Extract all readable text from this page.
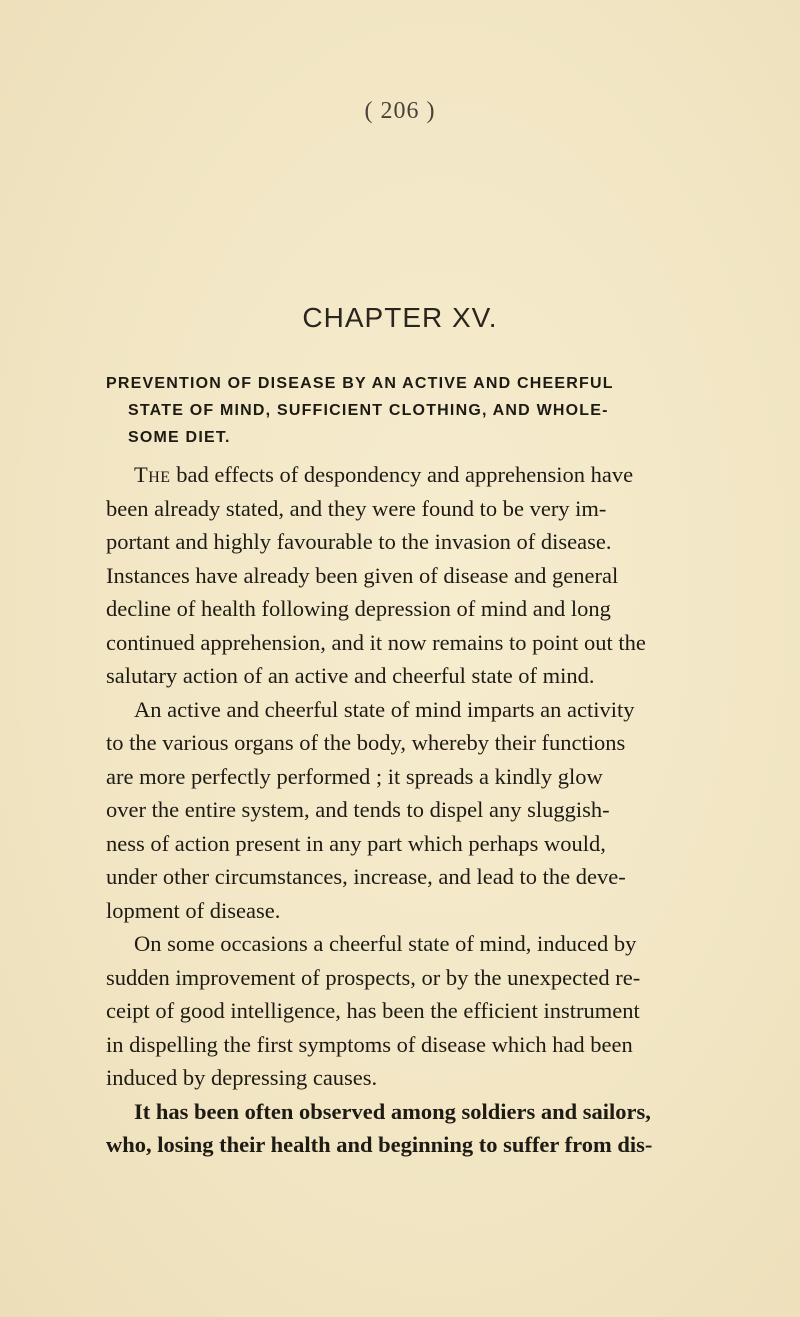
( 206 )
CHAPTER XV.
PREVENTION OF DISEASE BY AN ACTIVE AND CHEERFUL
STATE OF MIND, SUFFICIENT CLOTHING, AND WHOLE-
SOME DIET.
The bad effects of despondency and apprehension have
been already stated, and they were found to be very im-
portant and highly favourable to the invasion of disease.
Instances have already been given of disease and general
decline of health following depression of mind and long
continued apprehension, and it now remains to point out the
salutary action of an active and cheerful state of mind.
An active and cheerful state of mind imparts an activity
to the various organs of the body, whereby their functions
are more perfectly performed ; it spreads a kindly glow
over the entire system, and tends to dispel any sluggish-
ness of action present in any part which perhaps would,
under other circumstances, increase, and lead to the deve-
lopment of disease.
On some occasions a cheerful state of mind, induced by
sudden improvement of prospects, or by the unexpected re-
ceipt of good intelligence, has been the efficient instrument
in dispelling the first symptoms of disease which had been
induced by depressing causes.
It has been often observed among soldiers and sailors,
who, losing their health and beginning to suffer from dis-
